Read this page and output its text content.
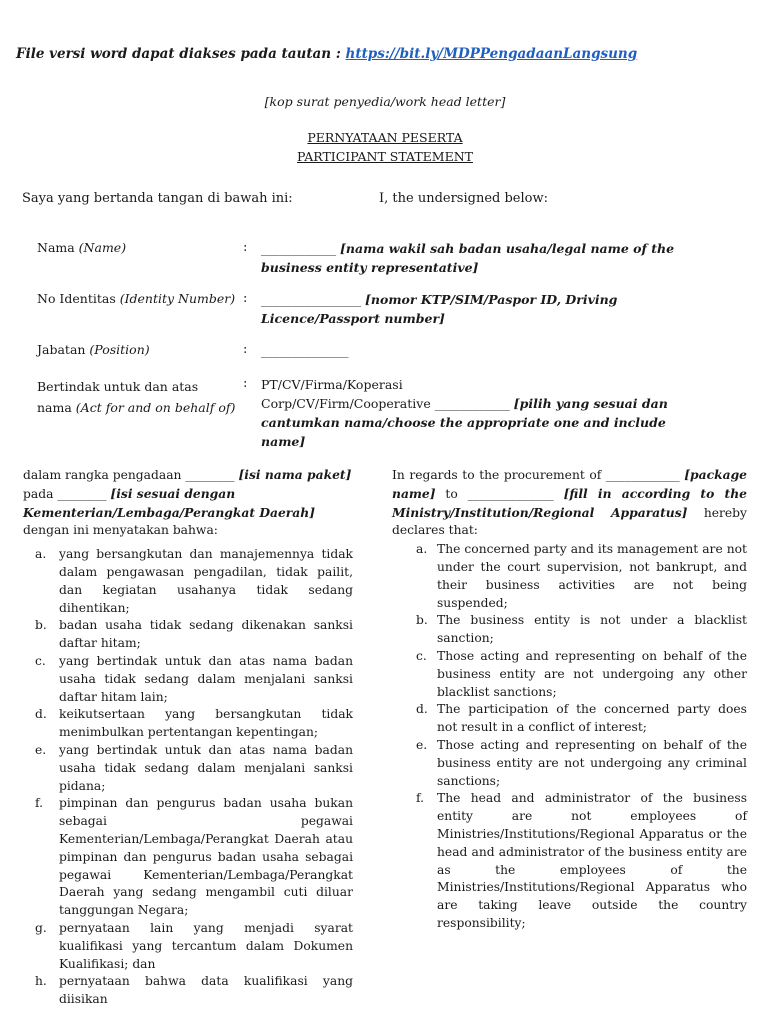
File versi word dapat diakses pada tautan : https://bit.ly/MDPPengadaanLangsung
[kop surat penyedia/work head letter]
PERNYATAAN PESERTA
PARTICIPANT STATEMENT
Saya yang bertanda tangan di bawah ini:	I, the undersigned below:
Nama (Name)	: ____________ [nama wakil sah badan usaha/legal name of the
business entity representative]
No Identitas (Identity Number) : ________________ [nomor KTP/SIM/Paspor ID, Driving
Licence/Passport number]
Jabatan (Position)	: ______________
Bertindak untuk dan atas
nama (Act for and on behalf of)
: PT/CV/Firma/Koperasi
Corp/CV/Firm/Cooperative ____________ [pilih yang sesuai dan
cantumkan nama/choose the appropriate one and include name]
dalam rangka pengadaan ________ [isi nama paket]
pada ________ [isi sesuai dengan Kementerian/Lembaga/Perangkat Daerah] dengan ini menyatakan bahwa:
a. yang bersangkutan dan manajemennya tidak dalam pengawasan pengadilan, tidak pailit, dan kegiatan usahanya tidak sedang dihentikan;
b. badan usaha tidak sedang dikenakan sanksi daftar hitam;
c. yang bertindak untuk dan atas nama badan usaha tidak sedang dalam menjalani sanksi daftar hitam lain;
d. keikutsertaan yang bersangkutan tidak menimbulkan pertentangan kepentingan;
e. yang bertindak untuk dan atas nama badan usaha tidak sedang dalam menjalani sanksi pidana;
f. pimpinan dan pengurus badan usaha bukan sebagai pegawai Kementerian/Lembaga/Perangkat Daerah atau pimpinan dan pengurus badan usaha sebagai pegawai Kementerian/Lembaga/Perangkat Daerah yang sedang mengambil cuti diluar tanggungan Negara;
g. pernyataan lain yang menjadi syarat kualifikasi yang tercantum dalam Dokumen Kualifikasi; dan
h. pernyataan bahwa data kualifikasi yang diisikan
In regards to the procurement of ____________ [package name] to ______________ [fill in according to the Ministry/Institution/Regional Apparatus] hereby declares that:
a. The concerned party and its management are not under the court supervision, not bankrupt, and their business activities are not being suspended;
b. The business entity is not under a blacklist sanction;
c. Those acting and representing on behalf of the business entity are not undergoing any other blacklist sanctions;
d. The participation of the concerned party does not result in a conflict of interest;
e. Those acting and representing on behalf of the business entity are not undergoing any criminal sanctions;
f. The head and administrator of the business entity are not employees of Ministries/Institutions/Regional Apparatus or the head and administrator of the business entity are as the employees of the Ministries/Institutions/Regional Apparatus who are taking leave outside the country responsibility;
